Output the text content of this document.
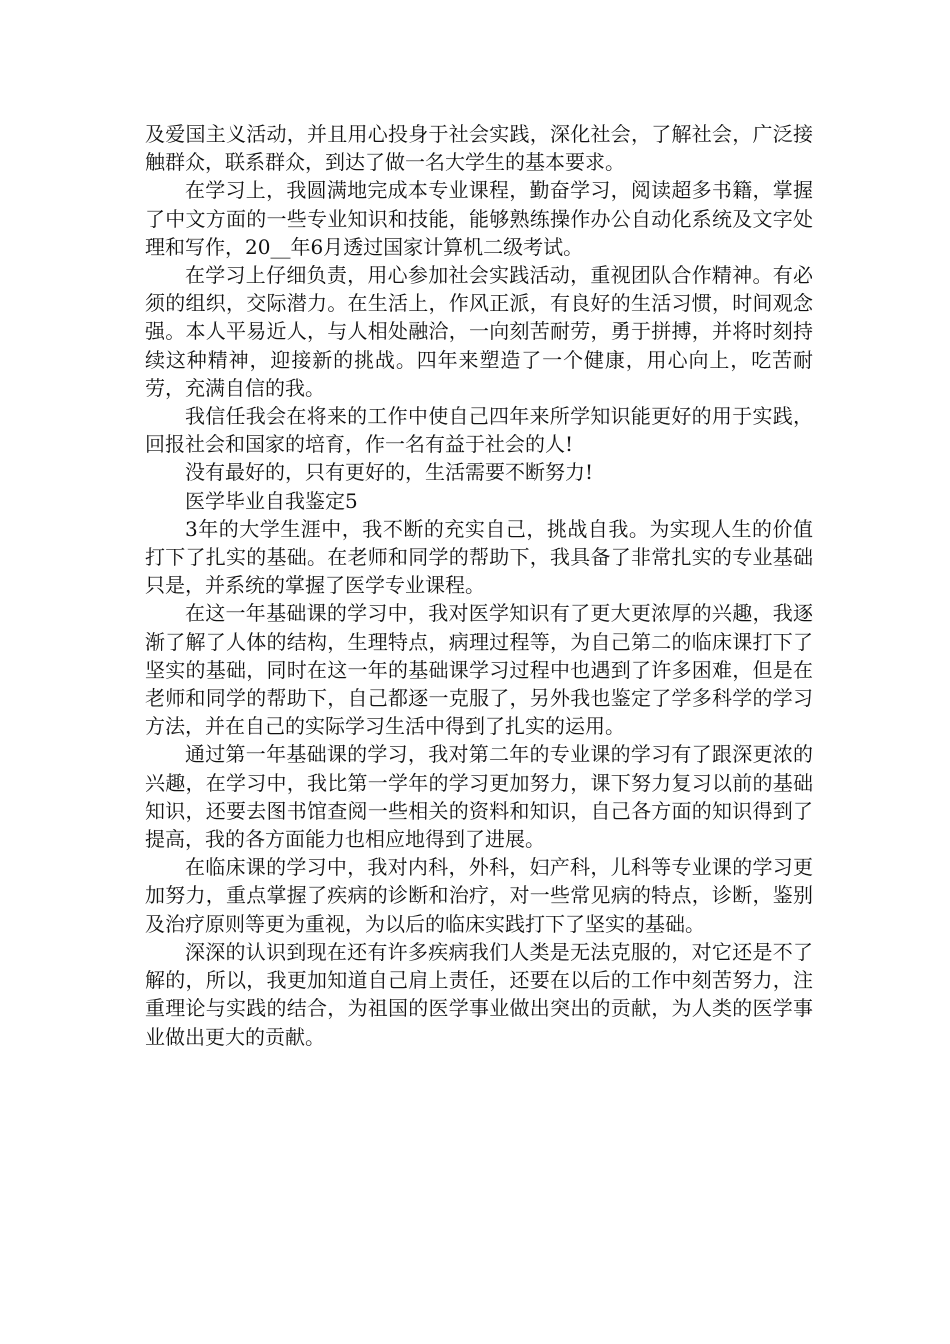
及爱国主义活动，并且用心投身于社会实践，深化社会，了解社会，广泛接触群众，联系群众，到达了做一名大学生的基本要求。

在学习上，我圆满地完成本专业课程，勤奋学习，阅读超多书籍，掌握了中文方面的一些专业知识和技能，能够熟练操作办公自动化系统及文字处理和写作，20__年6月透过国家计算机二级考试。

在学习上仔细负责，用心参加社会实践活动，重视团队合作精神。有必须的组织，交际潜力。在生活上，作风正派，有良好的生活习惯，时间观念强。本人平易近人，与人相处融洽，一向刻苦耐劳，勇于拼搏，并将时刻持续这种精神，迎接新的挑战。四年来塑造了一个健康，用心向上，吃苦耐劳，充满自信的我。

我信任我会在将来的工作中使自己四年来所学知识能更好的用于实践，回报社会和国家的培育，作一名有益于社会的人!

没有最好的，只有更好的，生活需要不断努力!

医学毕业自我鉴定5

3年的大学生涯中，我不断的充实自己，挑战自我。为实现人生的价值打下了扎实的基础。在老师和同学的帮助下，我具备了非常扎实的专业基础只是，并系统的掌握了医学专业课程。

在这一年基础课的学习中，我对医学知识有了更大更浓厚的兴趣，我逐渐了解了人体的结构，生理特点，病理过程等，为自己第二的临床课打下了坚实的基础，同时在这一年的基础课学习过程中也遇到了许多困难，但是在老师和同学的帮助下，自己都逐一克服了，另外我也鉴定了学多科学的学习方法，并在自己的实际学习生活中得到了扎实的运用。

通过第一年基础课的学习，我对第二年的专业课的学习有了跟深更浓的兴趣，在学习中，我比第一学年的学习更加努力，课下努力复习以前的基础知识，还要去图书馆查阅一些相关的资料和知识，自己各方面的知识得到了提高，我的各方面能力也相应地得到了进展。

在临床课的学习中，我对内科，外科，妇产科，儿科等专业课的学习更加努力，重点掌握了疾病的诊断和治疗，对一些常见病的特点，诊断，鉴别及治疗原则等更为重视，为以后的临床实践打下了坚实的基础。

深深的认识到现在还有许多疾病我们人类是无法克服的，对它还是不了解的，所以，我更加知道自己肩上责任，还要在以后的工作中刻苦努力，注重理论与实践的结合，为祖国的医学事业做出突出的贡献，为人类的医学事业做出更大的贡献。
